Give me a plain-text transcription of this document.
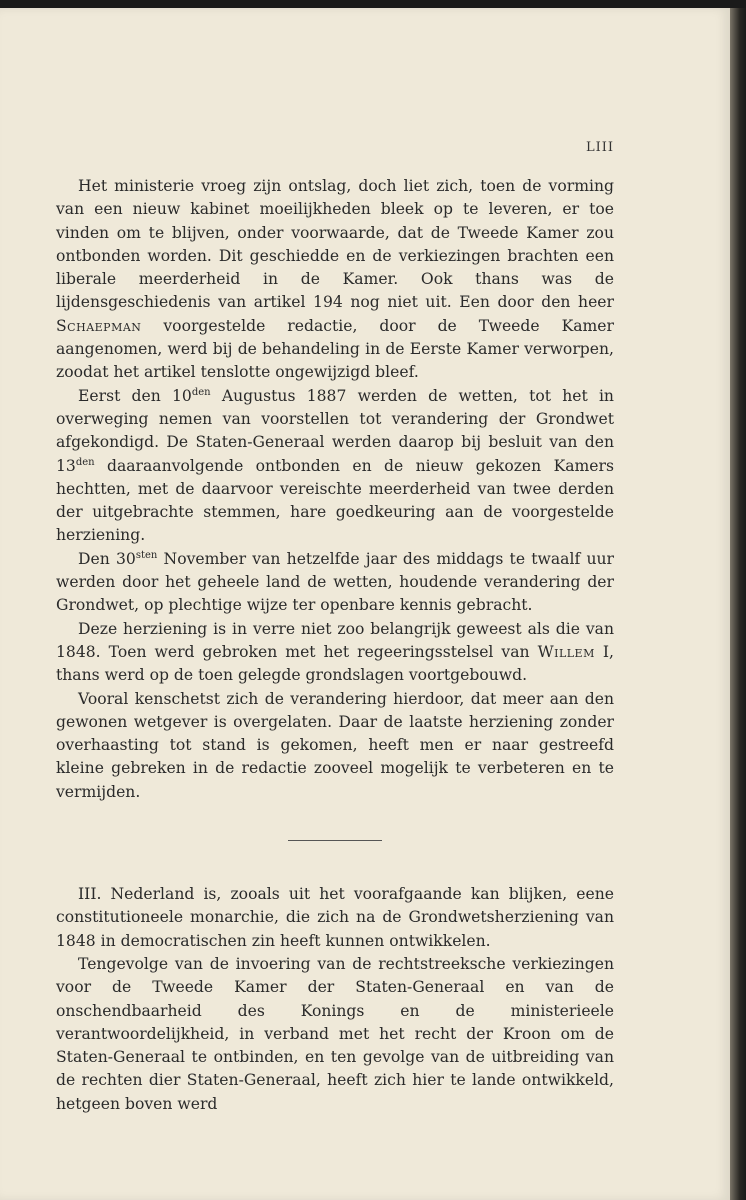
LIII

Het ministerie vroeg zijn ontslag, doch liet zich, toen de vorming van een nieuw kabinet moeilijkheden bleek op te leveren, er toe vinden om te blijven, onder voorwaarde, dat de Tweede Kamer zou ontbonden worden. Dit geschiedde en de verkiezingen brachten een liberale meerderheid in de Kamer. Ook thans was de lijdensgeschiedenis van artikel 194 nog niet uit. Een door den heer Schaepman voorgestelde redactie, door de Tweede Kamer aangenomen, werd bij de behandeling in de Eerste Kamer verworpen, zoodat het artikel tenslotte ongewijzigd bleef.

Eerst den $10^{den}$ Augustus 1887 werden de wetten, tot het in overweging nemen van voorstellen tot verandering der Grondwet afgekondigd. De Staten-Generaal werden daarop bij besluit van den $13^{den}$ daaraanvolgende ontbonden en de nieuw gekozen Kamers hechtten, met de daarvoor vereischte meerderheid van twee derden der uitgebrachte stemmen, hare goedkeuring aan de voorgestelde herziening.

Den $30^{sten}$ November van hetzelfde jaar des middags te twaalf uur werden door het geheele land de wetten, houdende verandering der Grondwet, op plechtige wijze ter openbare kennis gebracht.

Deze herziening is in verre niet zoo belangrijk geweest als die van 1848. Toen werd gebroken met het regeeringsstelsel van Willem I, thans werd op de toen gelegde grondslagen voortgebouwd.

Vooral kenschetst zich de verandering hierdoor, dat meer aan den gewonen wetgever is overgelaten. Daar de laatste herziening zonder overhaasting tot stand is gekomen, heeft men er naar gestreefd kleine gebreken in de redactie zooveel mogelijk te verbeteren en te vermijden.

III. Nederland is, zooals uit het voorafgaande kan blijken, eene constitutioneele monarchie, die zich na de Grondwetsherziening van 1848 in democratischen zin heeft kunnen ontwikkelen.

Tengevolge van de invoering van de rechtstreeksche verkiezingen voor de Tweede Kamer der Staten-Generaal en van de onschendbaarheid des Konings en de ministerieele verantwoordelijkheid, in verband met het recht der Kroon om de Staten-Generaal te ontbinden, en ten gevolge van de uitbreiding van de rechten dier Staten-Generaal, heeft zich hier te lande ontwikkeld, hetgeen boven werd
